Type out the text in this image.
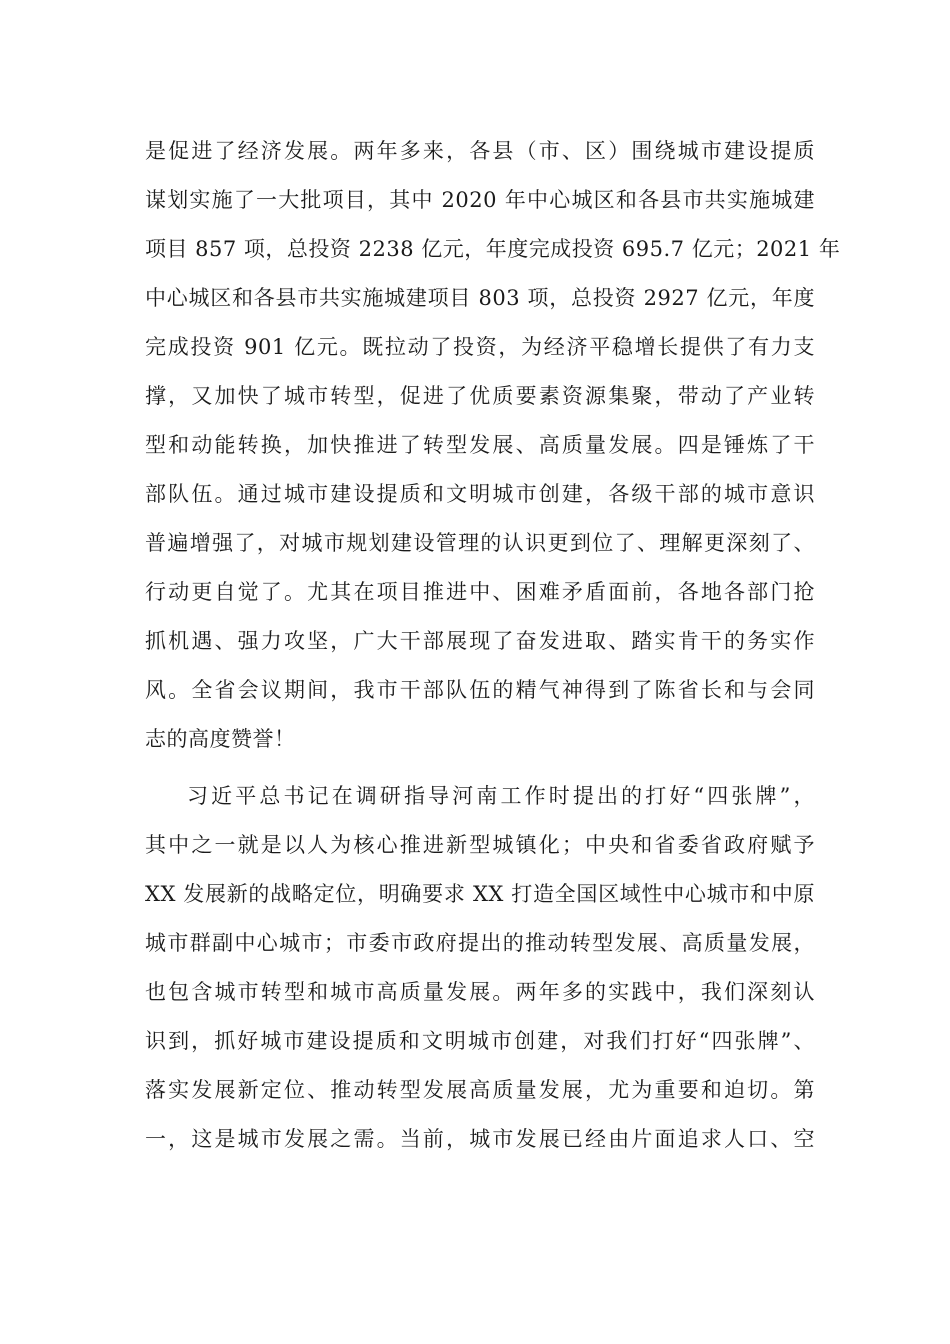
是促进了经济发展。两年多来，各县（市、区）围绕城市建设提质
谋划实施了一大批项目，其中 2020 年中心城区和各县市共实施城建
项目 857 项，总投资 2238 亿元，年度完成投资 695.7 亿元；2021 年
中心城区和各县市共实施城建项目 803 项，总投资 2927 亿元，年度
完成投资 901 亿元。既拉动了投资，为经济平稳增长提供了有力支
撑，又加快了城市转型，促进了优质要素资源集聚，带动了产业转
型和动能转换，加快推进了转型发展、高质量发展。四是锤炼了干
部队伍。通过城市建设提质和文明城市创建，各级干部的城市意识
普遍增强了，对城市规划建设管理的认识更到位了、理解更深刻了、
行动更自觉了。尤其在项目推进中、困难矛盾面前，各地各部门抢
抓机遇、强力攻坚，广大干部展现了奋发进取、踏实肯干的务实作
风。全省会议期间，我市干部队伍的精气神得到了陈省长和与会同
志的高度赞誉！
习近平总书记在调研指导河南工作时提出的打好“四张牌”，
其中之一就是以人为核心推进新型城镇化；中央和省委省政府赋予
XX 发展新的战略定位，明确要求 XX 打造全国区域性中心城市和中原
城市群副中心城市；市委市政府提出的推动转型发展、高质量发展，
也包含城市转型和城市高质量发展。两年多的实践中，我们深刻认
识到，抓好城市建设提质和文明城市创建，对我们打好“四张牌”、
落实发展新定位、推动转型发展高质量发展，尤为重要和迫切。第
一，这是城市发展之需。当前，城市发展已经由片面追求人口、空
